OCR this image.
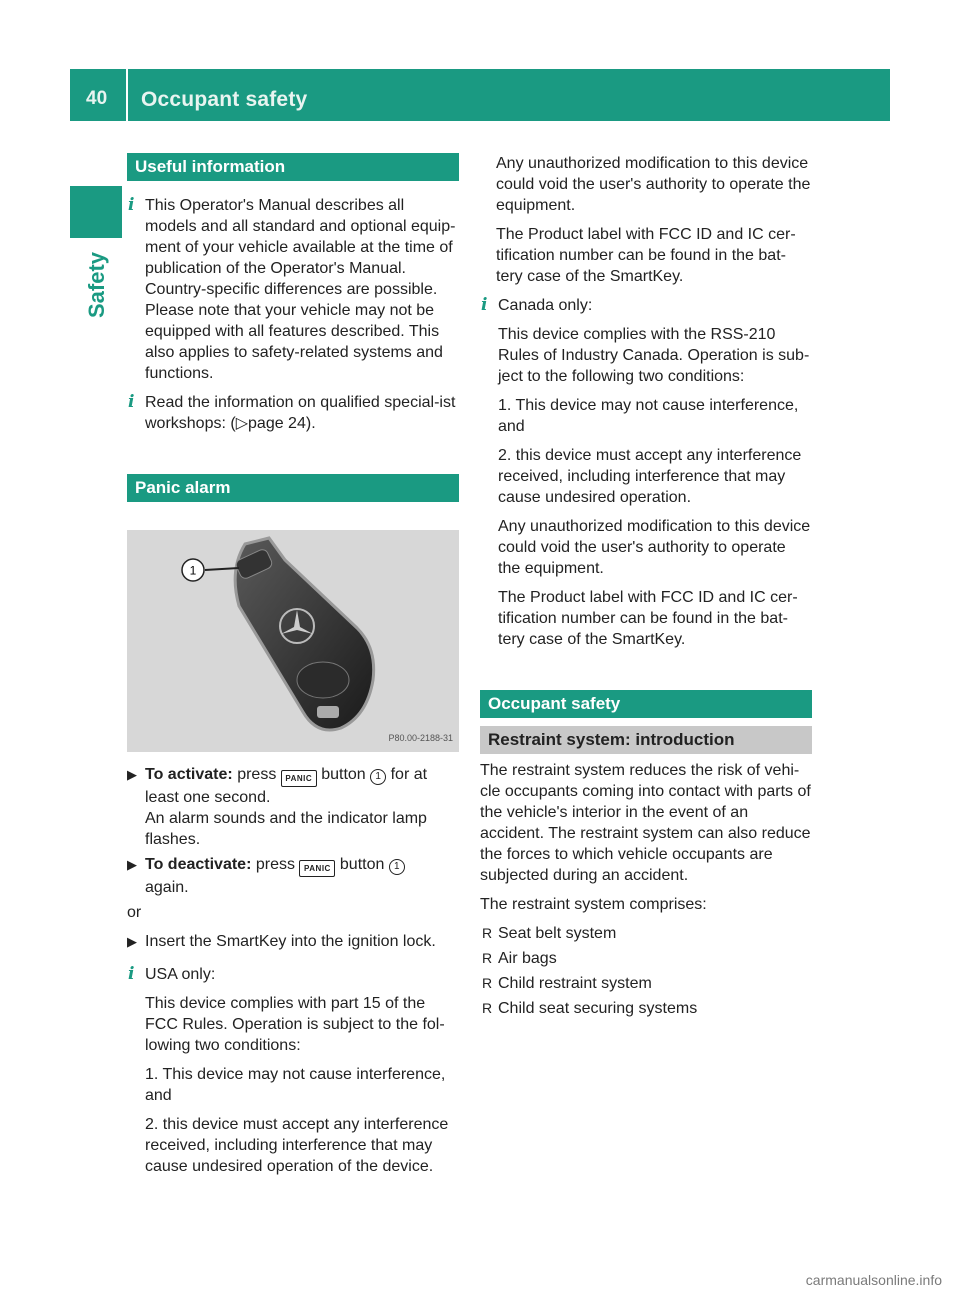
40 Occupant safety
Safety
Useful information
i This Operator's Manual describes all models and all standard and optional equip-ment of your vehicle available at the time of publication of the Operator's Manual. Country-specific differences are possible. Please note that your vehicle may not be equipped with all features described. This also applies to safety-related systems and functions.
i Read the information on qualified special-ist workshops: (▷page 24).
Panic alarm
1
P80.00-2188-31
▶ To activate: press PANIC button 1 for at least one second.
An alarm sounds and the indicator lamp flashes.
▶ To deactivate: press PANIC button 1
again.
or
▶ Insert the SmartKey into the ignition lock.
i USA only:
This device complies with part 15 of the FCC Rules. Operation is subject to the fol-lowing two conditions:
1. This device may not cause interference, and
2. this device must accept any interference received, including interference that may cause undesired operation of the device.
Any unauthorized modification to this device could void the user's authority to operate the equipment.
The Product label with FCC ID and IC cer-tification number can be found in the bat-tery case of the SmartKey.
i Canada only:
This device complies with the RSS-210 Rules of Industry Canada. Operation is sub-ject to the following two conditions:
1. This device may not cause interference, and
2. this device must accept any interference received, including interference that may cause undesired operation.
Any unauthorized modification to this device could void the user's authority to operate the equipment.
The Product label with FCC ID and IC cer-tification number can be found in the bat-tery case of the SmartKey.
Occupant safety
Restraint system: introduction
The restraint system reduces the risk of vehi-cle occupants coming into contact with parts of the vehicle's interior in the event of an accident. The restraint system can also reduce the forces to which vehicle occupants are subjected during an accident.
The restraint system comprises:
R Seat belt system
R Air bags
R Child restraint system
R Child seat securing systems
carmanualsonline.info
